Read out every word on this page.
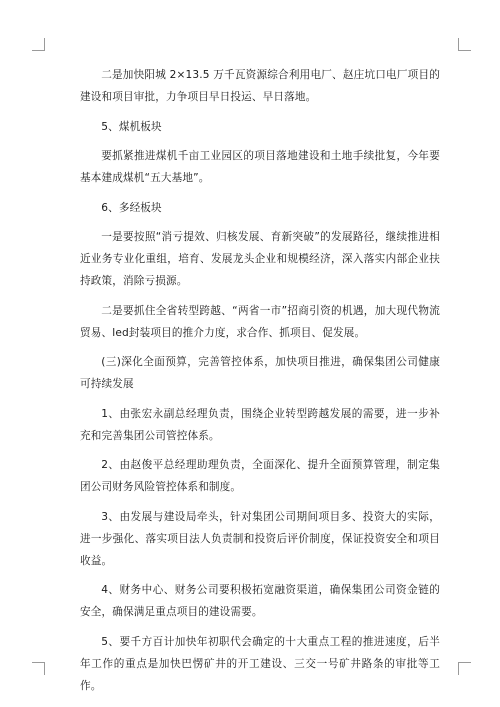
二是加快阳城 2×13.5 万千瓦资源综合利用电厂、赵庄坑口电厂项目的建设和项目审批，力争项目早日投运、早日落地。

5、煤机板块

要抓紧推进煤机千亩工业园区的项目落地建设和土地手续批复，今年要基本建成煤机“五大基地”。

6、多经板块

一是要按照“消亏提效、归核发展、育新突破”的发展路径，继续推进相近业务专业化重组，培育、发展龙头企业和规模经济，深入落实内部企业扶持政策，消除亏损源。

二是要抓住全省转型跨越、“两省一市”招商引资的机遇，加大现代物流贸易、led封装项目的推介力度，求合作、抓项目、促发展。

(三)深化全面预算，完善管控体系，加快项目推进，确保集团公司健康可持续发展

1、由张宏永副总经理负责，围绕企业转型跨越发展的需要，进一步补充和完善集团公司管控体系。

2、由赵俊平总经理助理负责，全面深化、提升全面预算管理，制定集团公司财务风险管控体系和制度。

3、由发展与建设局牵头，针对集团公司期间项目多、投资大的实际，进一步强化、落实项目法人负责制和投资后评价制度，保证投资安全和项目收益。

4、财务中心、财务公司要积极拓宽融资渠道，确保集团公司资金链的安全，确保满足重点项目的建设需要。

5、要千方百计加快年初职代会确定的十大重点工程的推进速度，后半年工作的重点是加快巴愣矿井的开工建设、三交一号矿井路条的审批等工作。
